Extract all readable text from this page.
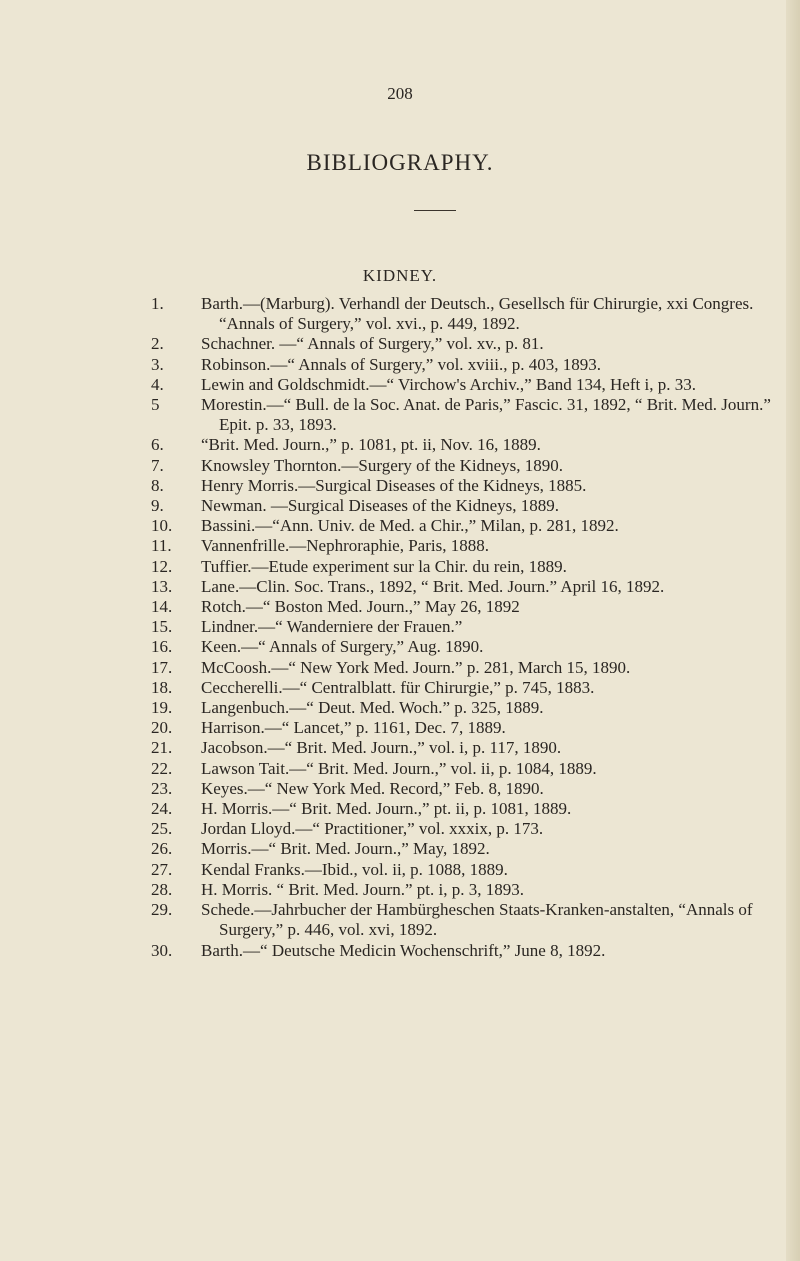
208
BIBLIOGRAPHY.
KIDNEY.
1.	Barth.—(Marburg). Verhandl der Deutsch., Gesellsch für Chirurgie, xxi Congres. “Annals of Surgery,” vol. xvi., p. 449, 1892.
2.	Schachner. —“ Annals of Surgery,” vol. xv., p. 81.
3.	Robinson.—“ Annals of Surgery,” vol. xviii., p. 403, 1893.
4.	Lewin and Goldschmidt.—“ Virchow's Archiv.,” Band 134, Heft i, p. 33.
5	Morestin.—“ Bull. de la Soc. Anat. de Paris,” Fascic. 31, 1892, “ Brit. Med. Journ.” Epit. p. 33, 1893.
6.	“Brit. Med. Journ.,” p. 1081, pt. ii, Nov. 16, 1889.
7.	Knowsley Thornton.—Surgery of the Kidneys, 1890.
8.	Henry Morris.—Surgical Diseases of the Kidneys, 1885.
9.	Newman. —Surgical Diseases of the Kidneys, 1889.
10.	Bassini.—“Ann. Univ. de Med. a Chir.,” Milan, p. 281, 1892.
11.	Vannenfrille.—Nephroraphie, Paris, 1888.
12.	Tuffier.—Etude experiment sur la Chir. du rein, 1889.
13.	Lane.—Clin. Soc. Trans., 1892, “ Brit. Med. Journ.” April 16, 1892.
14.	Rotch.—“ Boston Med. Journ.,” May 26, 1892
15.	Lindner.—“ Wanderniere der Frauen.”
16.	Keen.—“ Annals of Surgery,” Aug. 1890.
17.	McCoosh.—“ New York Med. Journ.” p. 281, March 15, 1890.
18.	Ceccherelli.—“ Centralblatt. für Chirurgie,” p. 745, 1883.
19.	Langenbuch.—“ Deut. Med. Woch.” p. 325, 1889.
20.	Harrison.—“ Lancet,” p. 1161, Dec. 7, 1889.
21.	Jacobson.—“ Brit. Med. Journ.,” vol. i, p. 117, 1890.
22.	Lawson Tait.—“ Brit. Med. Journ.,” vol. ii, p. 1084, 1889.
23.	Keyes.—“ New York Med. Record,” Feb. 8, 1890.
24.	H. Morris.—“ Brit. Med. Journ.,” pt. ii, p. 1081, 1889.
25.	Jordan Lloyd.—“ Practitioner,” vol. xxxix, p. 173.
26.	Morris.—“ Brit. Med. Journ.,” May, 1892.
27.	Kendal Franks.—Ibid., vol. ii, p. 1088, 1889.
28.	H. Morris. “ Brit. Med. Journ.” pt. i, p. 3, 1893.
29.	Schede.—Jahrbucher der Hambürgheschen Staats-Kranken-anstalten, “Annals of Surgery,” p. 446, vol. xvi, 1892.
30.	Barth.—“ Deutsche Medicin Wochenschrift,” June 8, 1892.
